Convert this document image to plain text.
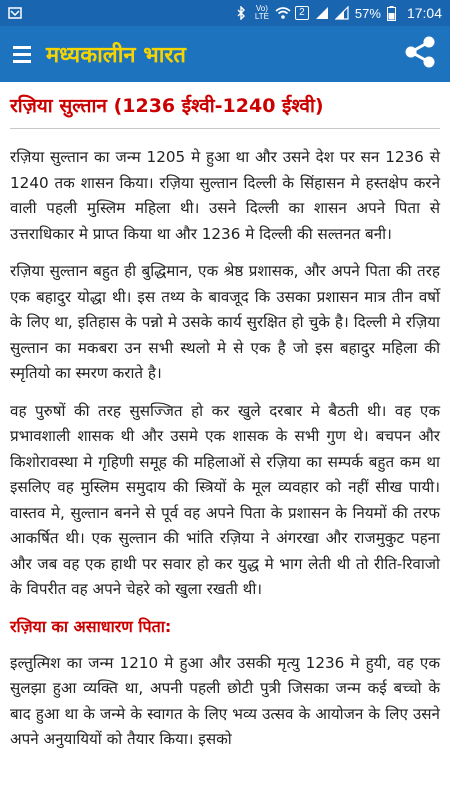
Vo)
LTE	2	57% 17:04
मध्यकालीन भारत
रज़िया सुल्तान (1236 ईश्वी-1240 ईश्वी)

रज़िया सुल्तान का जन्म 1205 मे हुआ था और उसने देश पर सन 1236 से 1240 तक शासन किया। रज़िया सुल्तान दिल्ली के सिंहासन मे हस्तक्षेप करने वाली पहली मुस्लिम महिला थी। उसने दिल्ली का शासन अपने पिता से उत्तराधिकार मे प्राप्त किया था और 1236 मे दिल्ली की सल्तनत बनी।

रज़िया सुल्तान बहुत ही बुद्धिमान, एक श्रेष्ठ प्रशासक, और अपने पिता की तरह एक बहादुर योद्धा थी। इस तथ्य के बावजूद कि उसका प्रशासन मात्र तीन वर्षो के लिए था, इतिहास के पन्नो मे उसके कार्य सुरक्षित हो चुके है। दिल्ली मे रज़िया सुल्तान का मकबरा उन सभी स्थलो मे से एक है जो इस बहादुर महिला की स्मृतियो का स्मरण कराते है।

वह पुरुषों की तरह सुसज्जित हो कर खुले दरबार मे बैठती थी। वह एक प्रभावशाली शासक थी और उसमे एक शासक के सभी गुण थे। बचपन और किशोरावस्था मे गृहिणी समूह की महिलाओं से रज़िया का सम्पर्क बहुत कम था इसलिए वह मुस्लिम समुदाय की स्त्रियों के मूल व्यवहार को नहीं सीख पायी। वास्तव मे, सुल्तान बनने से पूर्व वह अपने पिता के प्रशासन के नियमों की तरफ आकर्षित थी। एक सुल्तान की भांति रज़िया ने अंगरखा और राजमुकुट पहना और जब वह एक हाथी पर सवार हो कर युद्ध मे भाग लेती थी तो रीति-रिवाजो के विपरीत वह अपने चेहरे को खुला रखती थी।

रज़िया का असाधारण पिता:

इल्तुत्मिश का जन्म 1210 मे हुआ और उसकी मृत्यु 1236 मे हुयी, वह एक सुलझा हुआ व्यक्ति था, अपनी पहली छोटी पुत्री जिसका जन्म कई बच्चो के बाद हुआ था के जन्मे के स्वागत के लिए भव्य उत्सव के आयोजन के लिए उसने अपने अनुयायियों को तैयार किया। इसको
